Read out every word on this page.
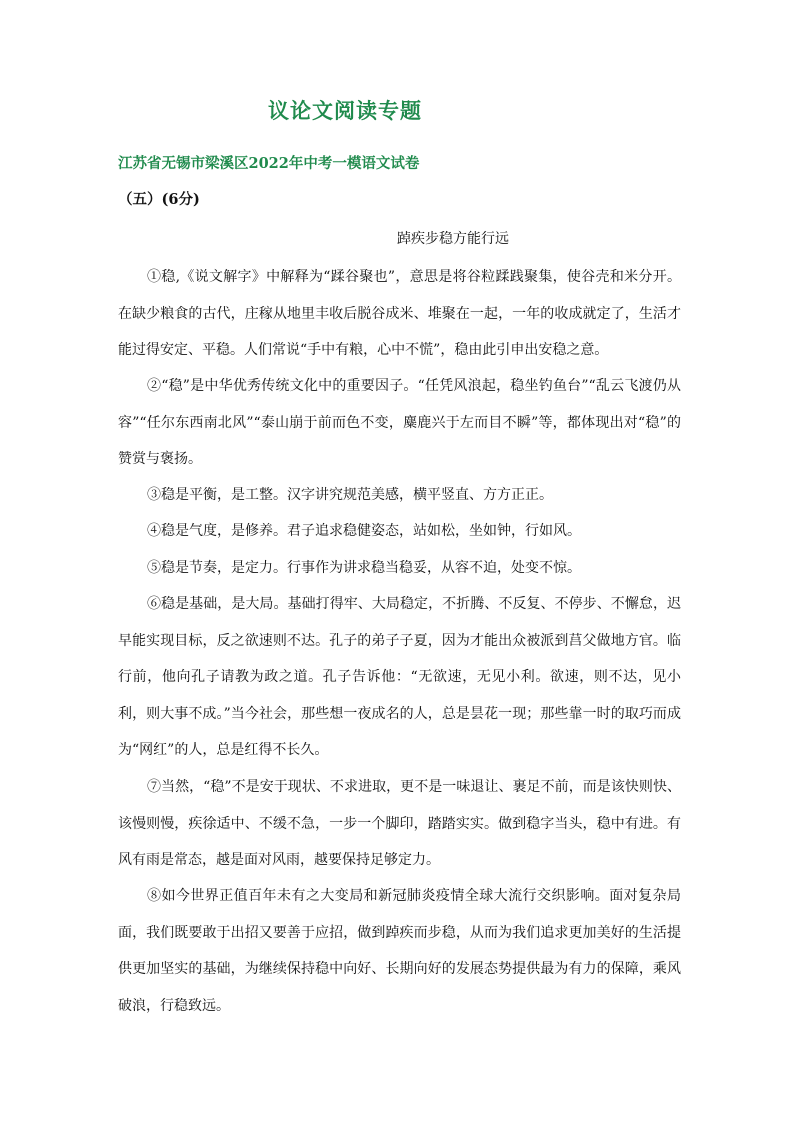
议论文阅读专题
江苏省无锡市梁溪区2022年中考一模语文试卷
（五）(6分)
踔疾步稳方能行远

①稳,《说文解字》中解释为“蹂谷聚也”，意思是将谷粒蹂践聚集，使谷壳和米分开。在缺少粮食的古代，庄稼从地里丰收后脱谷成米、堆聚在一起，一年的收成就定了，生活才能过得安定、平稳。人们常说“手中有粮，心中不慌”，稳由此引申出安稳之意。

②“稳”是中华优秀传统文化中的重要因子。“任凭风浪起，稳坐钓鱼台”“乱云飞渡仍从容”“任尔东西南北风”“泰山崩于前而色不变，麋鹿兴于左而目不瞬”等，都体现出对“稳”的赞赏与褒扬。

③稳是平衡，是工整。汉字讲究规范美感，横平竖直、方方正正。

④稳是气度，是修养。君子追求稳健姿态，站如松，坐如钟，行如风。

⑤稳是节奏，是定力。行事作为讲求稳当稳妥，从容不迫，处变不惊。

⑥稳是基础，是大局。基础打得牢、大局稳定，不折腾、不反复、不停步、不懈怠，迟早能实现目标，反之欲速则不达。孔子的弟子子夏，因为才能出众被派到莒父做地方官。临行前，他向孔子请教为政之道。孔子告诉他：“无欲速，无见小利。欲速，则不达，见小利，则大事不成。”当今社会，那些想一夜成名的人，总是昙花一现；那些靠一时的取巧而成为“网红”的人，总是红得不长久。

⑦当然，“稳”不是安于现状、不求进取，更不是一味退让、裹足不前，而是该快则快、该慢则慢，疾徐适中、不缓不急，一步一个脚印，踏踏实实。做到稳字当头，稳中有进。有风有雨是常态，越是面对风雨，越要保持足够定力。

⑧如今世界正值百年未有之大变局和新冠肺炎疫情全球大流行交织影响。面对复杂局面，我们既要敢于出招又要善于应招，做到踔疾而步稳，从而为我们追求更加美好的生活提供更加坚实的基础，为继续保持稳中向好、长期向好的发展态势提供最为有力的保障，乘风破浪，行稳致远。
